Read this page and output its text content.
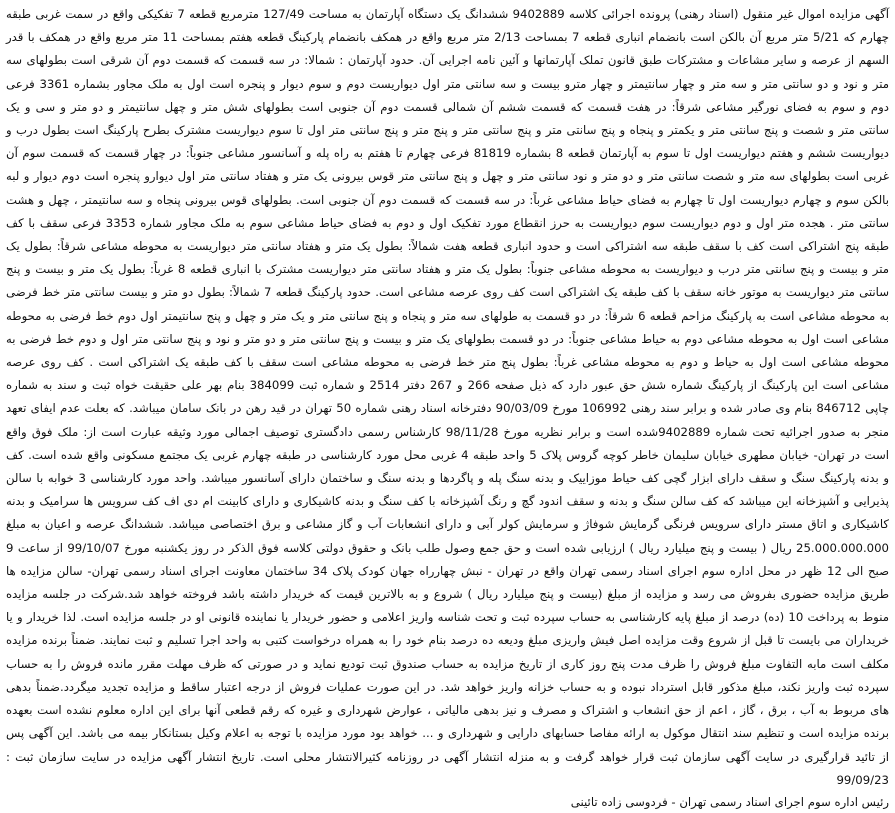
آگهی مزایده اموال غیر منقول (اسناد رهنی) پرونده اجرائی کلاسه 9402889 ششدانگ یک دستگاه آپارتمان به مساحت 127/49 مترمربع قطعه 7 تفکیکی واقع در سمت غربی طبقه چهارم که 5/21 متر مربع آن بالکن است بانضمام انباری قطعه 7 بمساحت 2/13 متر مربع واقع در همکف بانضمام پارکینگ قطعه هفتم بمساحت 11 متر مربع واقع در همکف با قدر السهم از عرصه و سایر مشاعات و مشترکات طبق قانون تملک آپارتمانها و آئین نامه اجرایی آن. حدود آپارتمان : شمالا: در سه قسمت که قسمت دوم آن شرقی است بطولهای سه متر و نود و دو سانتی متر و سه متر و چهار سانتیمتر و چهار مترو بیست و سه سانتی متر اول دیواریست دوم و سوم دیوار و پنجره است اول به ملک مجاور بشماره 3361 فرعی دوم و سوم به فضای نورگیر مشاعی شرقاً: در هفت قسمت که قسمت ششم آن شمالی قسمت دوم آن جنوبی است بطولهای شش متر و چهل سانتیمتر و دو متر و سی و یک سانتی متر و شصت و پنج سانتی متر و یکمتر و پنجاه و پنج سانتی متر و پنج سانتی متر و پنج متر و پنج سانتی متر اول تا سوم دیواریست مشترک بطرح پارکینگ است بطول درب و دیواریست ششم و هفتم دیواریست اول تا سوم به آپارتمان قطعه 8 بشماره 81819 فرعی چهارم تا هفتم به راه پله و آسانسور مشاعی جنوباً: در چهار قسمت که قسمت سوم آن غربی است بطولهای سه متر و شصت سانتی متر و دو متر و نود سانتی متر و چهل و پنج سانتی متر قوس بیرونی یک متر و هفتاد سانتی متر اول دیوارو پنجره است دوم دیوار و لبه بالکن سوم و چهارم دیواریست اول تا چهارم به فضای حیاط مشاعی غرباً: در سه قسمت که قسمت دوم آن جنوبی است. بطولهای قوس بیرونی پنجاه و سه سانتیمتر ، چهل و هشت سانتی متر . هجده متر اول و دوم دیواریست سوم دیواریست به حرز انقطاع مورد تفکیک اول و دوم به فضای حیاط مشاعی سوم به ملک مجاور شماره 3353 فرعی سقف با کف طبقه پنج اشتراکی است کف با سقف طبقه سه اشتراکی است و حدود انباری قطعه هفت شمالاً: بطول یک متر و هفتاد سانتی متر دیواریست به محوطه مشاعی شرقاً: بطول یک متر و بیست و پنج سانتی متر درب و دیواریست به محوطه مشاعی جنوباً: بطول یک متر و هفتاد سانتی متر دیواریست مشترک با انباری قطعه 8 غرباً: بطول یک متر و بیست و پنج سانتی متر دیواریست به موتور خانه سقف با کف طبقه یک اشتراکی است کف روی عرصه مشاعی است. حدود پارکینگ قطعه 7 شمالاً: بطول دو متر و بیست سانتی متر خط فرضی به محوطه مشاعی است به پارکینگ مزاحم قطعه 6 شرقاً: در دو قسمت به طولهای سه متر و پنجاه و پنج سانتی متر و یک متر و چهل و پنج سانتیمتر اول دوم خط فرضی به محوطه مشاعی است اول به محوطه مشاعی دوم به حیاط مشاعی جنوباً: در دو قسمت بطولهای یک متر و بیست و پنج سانتی متر و دو متر و نود و پنج سانتی متر اول و دوم خط فرضی به محوطه مشاعی است اول به حیاط و دوم به محوطه مشاعی غرباً: بطول پنج متر خط فرضی به محوطه مشاعی است سقف با کف طبقه یک اشتراکی است . کف روی عرصه مشاعی است این پارکینگ از پارکینگ شماره شش حق عبور دارد که ذیل صفحه 266 و 267 دفتر 2514 و شماره ثبت 384099 بنام بهر علی حقیقت خواه ثبت و سند به شماره چاپی 846712 بنام وی صادر شده و برابر سند رهنی 106992 مورخ 90/03/09 دفترخانه اسناد رهنی شماره 50 تهران در قید رهن در بانک سامان میباشد. که بعلت عدم ایفای تعهد منجر به صدور اجرائیه تحت شماره 9402889شده است و برابر نظریه مورخ 98/11/28 کارشناس رسمی دادگستری توصیف اجمالی مورد وثیقه عبارت است از: ملک فوق واقع است در تهران- خیابان مطهری خیابان سلیمان خاطر کوچه گروس پلاک 5 واحد طبقه 4 غربی محل مورد کارشناسی در طبقه چهارم غربی یک مجتمع مسکونی واقع شده است. کف و بدنه پارکینگ سنگ و سقف دارای ابزار گچی کف حیاط موزاییک و بدنه سنگ پله و پاگردها و بدنه سنگ و ساختمان دارای آسانسور میباشد. واحد مورد کارشناسی 3 خوابه با سالن پذیرایی و آشپزخانه این میباشد که کف سالن سنگ و بدنه و سقف اندود گچ و رنگ آشپزخانه با کف سنگ و بدنه کاشیکاری و دارای کابینت ام دی اف کف سرویس ها سرامیک و بدنه کاشیکاری و اتاق مستر دارای سرویس فرنگی گرمایش شوفاژ و سرمایش کولر آبی و دارای انشعابات آب و گاز مشاعی و برق اختصاصی میباشد. ششدانگ عرصه و اعیان به مبلغ 25.000.000.000 ریال ( بیست و پنج میلیارد ریال ) ارزیابی شده است و حق جمع وصول طلب بانک و حقوق دولتی کلاسه فوق الذکر در روز یکشنبه مورخ 99/10/07 از ساعت 9 صبح الی 12 ظهر در محل اداره سوم اجرای اسناد رسمی تهران واقع در تهران - نبش چهارراه جهان کودک پلاک 34 ساختمان معاونت اجرای اسناد رسمی تهران- سالن مزایده ها طریق مزایده حضوری بفروش می رسد و مزایده از مبلغ (بیست و پنج میلیارد ریال ) شروع و به بالاترین قیمت که خریدار داشته باشد فروخته خواهد شد.شرکت در جلسه مزایده منوط به پرداخت 10 (ده) درصد از مبلغ پایه کارشناسی به حساب سپرده ثبت و تحت شناسه واریز اعلامی و حضور خریدار یا نماینده قانونی او در جلسه مزایده است. لذا خریدار و یا خریداران می بایست تا قبل از شروع وقت مزایده اصل فیش واریزی مبلغ ودیعه ده درصد بنام خود را به همراه درخواست کتبی به واحد اجرا تسلیم و ثبت نمایند. ضمناً برنده مزایده مکلف است مابه التفاوت مبلغ فروش را ظرف مدت پنج روز کاری از تاریخ مزایده به حساب صندوق ثبت تودیع نماید و در صورتی که ظرف مهلت مقرر مانده فروش را به حساب سپرده ثبت واریز نکند، مبلغ مذکور قابل استرداد نبوده و به حساب خزانه واریز خواهد شد. در این صورت عملیات فروش از درجه اعتبار ساقط و مزایده تجدید میگردد.ضمناً بدهی های مربوط به آب ، برق ، گاز ، اعم از حق انشعاب و اشتراک و مصرف و نیز بدهی مالیاتی ، عوارض شهرداری و غیره که رقم قطعی آنها برای این اداره معلوم نشده است بعهده برنده مزایده است و تنظیم سند انتقال موکول به ارائه مفاصا حسابهای دارایی و شهرداری و ... خواهد بود مورد مزایده با توجه به اعلام وکیل بستانکار بیمه می باشد. این آگهی پس از تائید قرارگیری در سایت آگهی سازمان ثبت قرار خواهد گرفت و به منزله انتشار آگهی در روزنامه کثیرالانتشار محلی است. تاریخ انتشار آگهی مزایده در سایت سازمان ثبت : 99/09/23

رئیس اداره سوم اجرای اسناد رسمی تهران - فردوسی زاده تائینی
